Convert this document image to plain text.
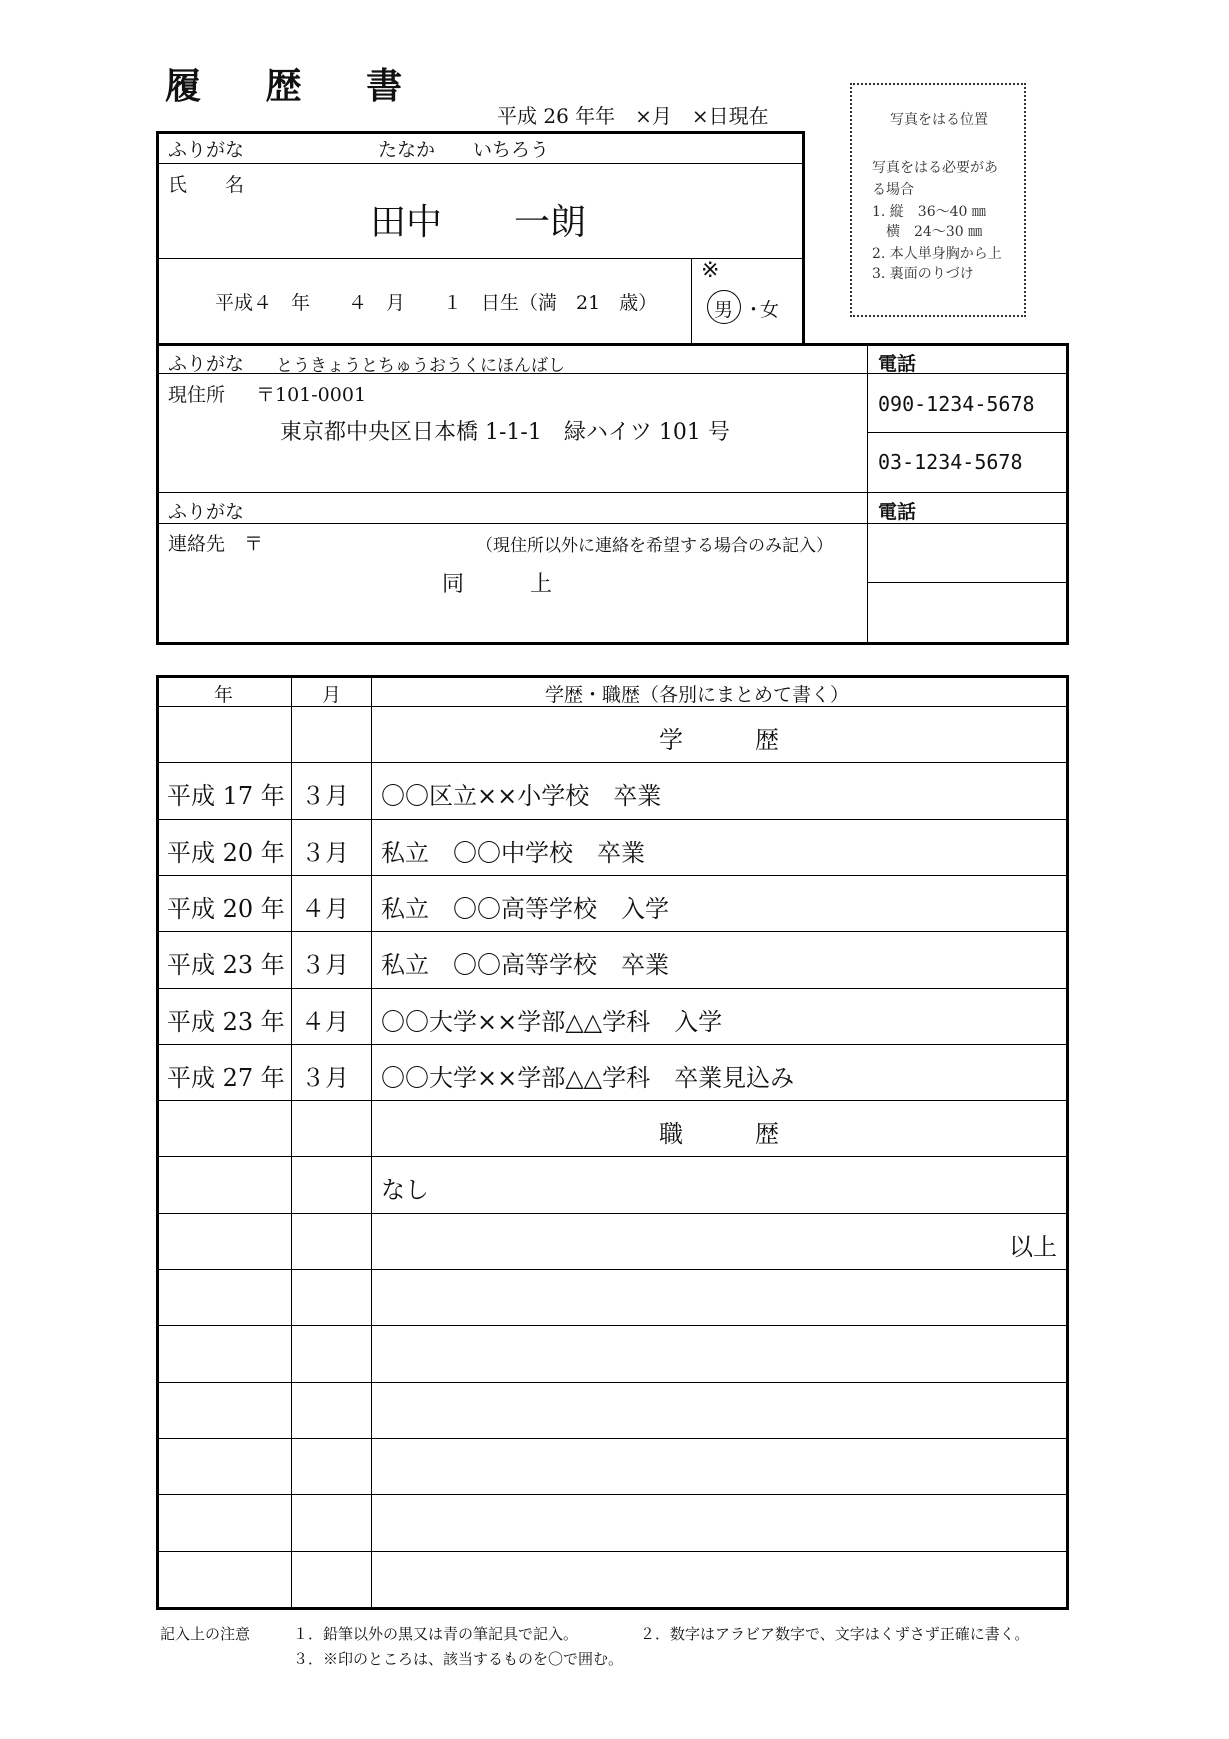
履 歴 書
平成 26 年年　×月　×日現在	写真をはる位置
写真をはる必要があ
る場合
1. 縦　36〜40 ㎜
　横　24〜30 ㎜
2. 本人単身胸から上
3. 裏面のりづけ
ふりがな	たなか　　いちろう
氏　　名
田中　　一朗
平成４　年　　４　月　　１　日生（満　21　歳）
※
男 ・
女
ふりがな とうきょうとちゅうおうくにほんばし
現住所 〒101-0001
東京都中央区日本橋 1-1-1　緑ハイツ 101 号
電話
090-1234-5678
03-1234-5678
ふりがな
連絡先　〒	（現住所以外に連絡を希望する場合のみ記入）
同　　　上
電話
年	月	学歴・職歴（各別にまとめて書く）
学　　　歴
平成 17 年 ３月 〇〇区立××小学校　卒業
平成 20 年 ３月 私立　〇〇中学校　卒業
平成 20 年 ４月 私立　〇〇高等学校　入学
平成 23 年 ３月 私立　〇〇高等学校　卒業
平成 23 年 ４月 〇〇大学××学部△△学科　入学
平成 27 年 ３月 〇〇大学××学部△△学科　卒業見込み
職　　　歴
なし
以上
記入上の注意	１．鉛筆以外の黒又は青の筆記具で記入。	２．数字はアラビア数字で、文字はくずさず正確に書く。
３．※印のところは、該当するものを〇で囲む。
